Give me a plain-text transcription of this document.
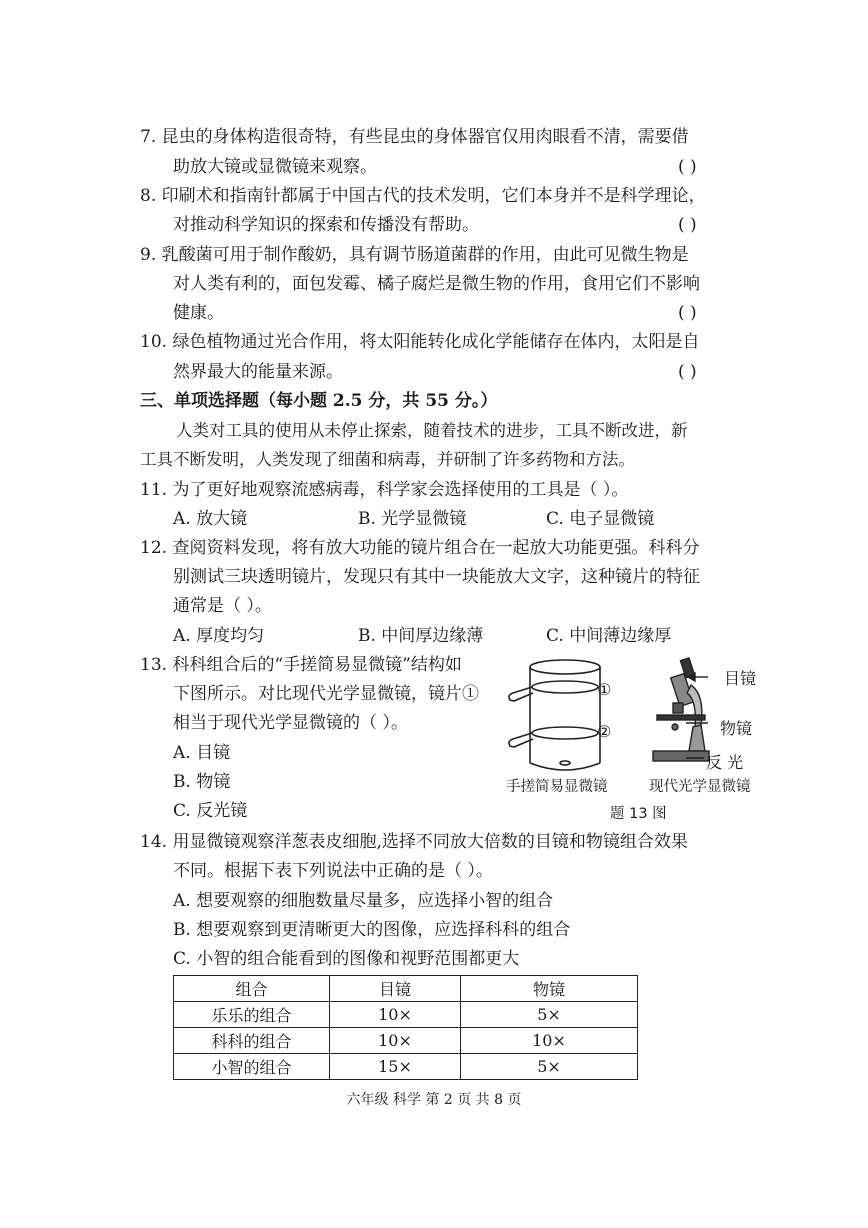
7. 昆虫的身体构造很奇特，有些昆虫的身体器官仅用肉眼看不清，需要借
助放大镜或显微镜来观察。	( )
8. 印刷术和指南针都属于中国古代的技术发明，它们本身并不是科学理论，
对推动科学知识的探索和传播没有帮助。	( )
9. 乳酸菌可用于制作酸奶，具有调节肠道菌群的作用，由此可见微生物是
对人类有利的，面包发霉、橘子腐烂是微生物的作用，食用它们不影响
健康。	( )
10. 绿色植物通过光合作用，将太阳能转化成化学能储存在体内，太阳是自
然界最大的能量来源。	( )
三、单项选择题（每小题 2.5 分，共 55 分。）
人类对工具的使用从未停止探索，随着技术的进步，工具不断改进，新
工具不断发明，人类发现了细菌和病毒，并研制了许多药物和方法。
11. 为了更好地观察流感病毒，科学家会选择使用的工具是（ ）。
A. 放大镜	B. 光学显微镜	C. 电子显微镜
12. 查阅资料发现，将有放大功能的镜片组合在一起放大功能更强。科科分
别测试三块透明镜片，发现只有其中一块能放大文字，这种镜片的特征
通常是（ ）。
A. 厚度均匀	B. 中间厚边缘薄	C. 中间薄边缘厚
13. 科科组合后的“手搓简易显微镜”结构如
下图所示。对比现代光学显微镜，镜片①
相当于现代光学显微镜的（ ）。
A. 目镜
B. 物镜
C. 反光镜
①
②
目镜
物镜
反 光
手搓简易显微镜	现代光学显微镜
题 13 图
14. 用显微镜观察洋葱表皮细胞,选择不同放大倍数的目镜和物镜组合效果
不同。根据下表下列说法中正确的是（ ）。
A. 想要观察的细胞数量尽量多，应选择小智的组合
B. 想要观察到更清晰更大的图像，应选择科科的组合
C. 小智的组合能看到的图像和视野范围都更大
组合	目镜	物镜
乐乐的组合	10×	5×
科科的组合	10×	10×
小智的组合	15×	5×
六年级 科学 第 2 页 共 8 页
